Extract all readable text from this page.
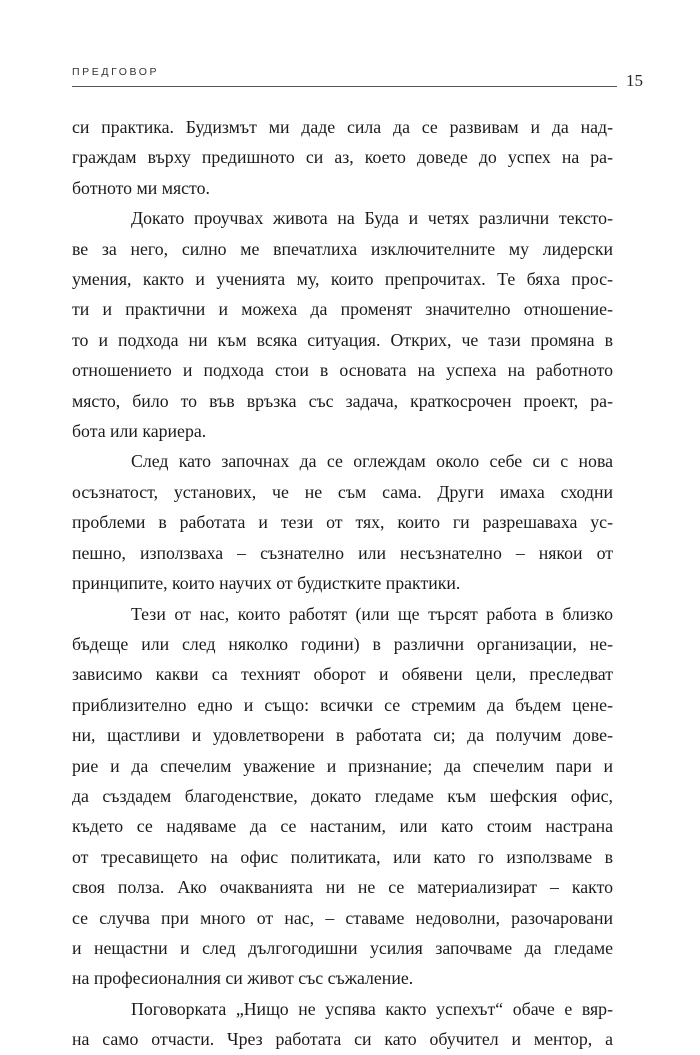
ПРЕДГОВОР	15
си практика. Будизмът ми даде сила да се развивам и да над-
граждам върху предишното си аз, което доведе до успех на ра-
ботното ми място.
Докато проучвах живота на Буда и четях различни тексто-
ве за него, силно ме впечатлиха изключителните му лидерски
умения, както и ученията му, които препрочитах. Те бяха прос-
ти и практични и можеха да променят значително отношение-
то и подхода ни към всяка ситуация. Открих, че тази промяна в
отношението и подхода стои в основата на успеха на работното
място, било то във връзка със задача, краткосрочен проект, ра-
бота или кариера.
След като започнах да се оглеждам около себе си с нова
осъзнатост, установих, че не съм сама. Други имаха сходни
проблеми в работата и тези от тях, които ги разрешаваха ус-
пешно, използваха – съзнателно или несъзнателно – някои от
принципите, които научих от будистките практики.
Тези от нас, които работят (или ще търсят работа в близко
бъдеще или след няколко години) в различни организации, не-
зависимо какви са техният оборот и обявени цели, преследват
приблизително едно и също: всички се стремим да бъдем цене-
ни, щастливи и удовлетворени в работата си; да получим дове-
рие и да спечелим уважение и признание; да спечелим пари и
да създадем благоденствие, докато гледаме към шефския офис,
където се надяваме да се настаним, или като стоим настрана
от тресавището на офис политиката, или като го използваме в
своя полза. Ако очакванията ни не се материализират – както
се случва при много от нас, – ставаме недоволни, разочаровани
и нещастни и след дългогодишни усилия започваме да гледаме
на професионалния си живот със съжаление.
Поговорката „Нищо не успява както успехът“ обаче е вяр-
на само отчасти. Чрез работата си като обучител и ментор, а
